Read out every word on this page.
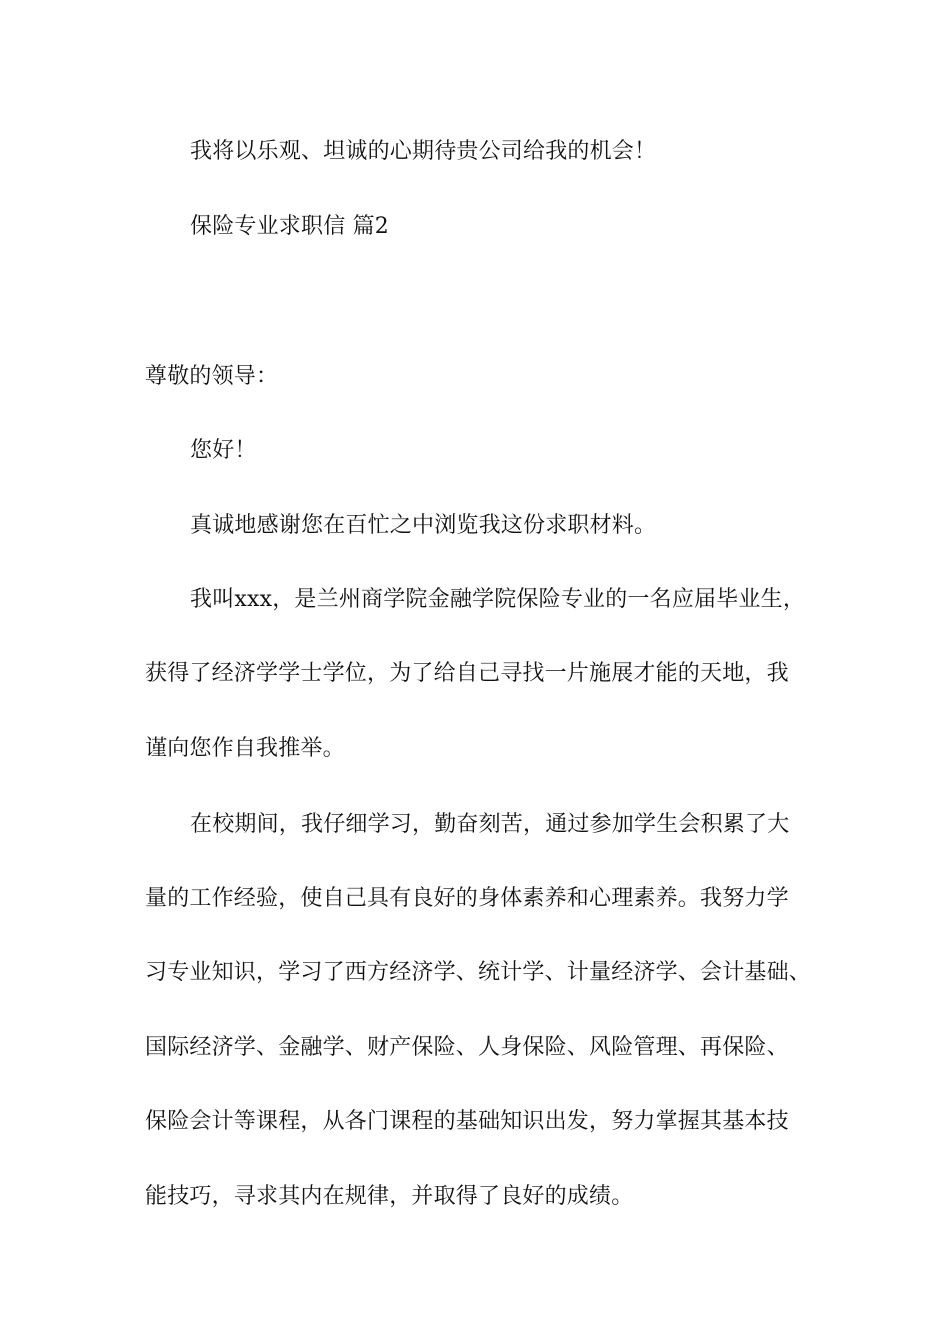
我将以乐观、坦诚的心期待贵公司给我的机会！
保险专业求职信 篇2
尊敬的领导：
您好！
真诚地感谢您在百忙之中浏览我这份求职材料。
我叫xxx，是兰州商学院金融学院保险专业的一名应届毕业生，
获得了经济学学士学位，为了给自己寻找一片施展才能的天地，我
谨向您作自我推举。
在校期间，我仔细学习，勤奋刻苦，通过参加学生会积累了大
量的工作经验，使自己具有良好的身体素养和心理素养。我努力学
习专业知识，学习了西方经济学、统计学、计量经济学、会计基础、
国际经济学、金融学、财产保险、人身保险、风险管理、再保险、
保险会计等课程，从各门课程的基础知识出发，努力掌握其基本技
能技巧，寻求其内在规律，并取得了良好的成绩。
